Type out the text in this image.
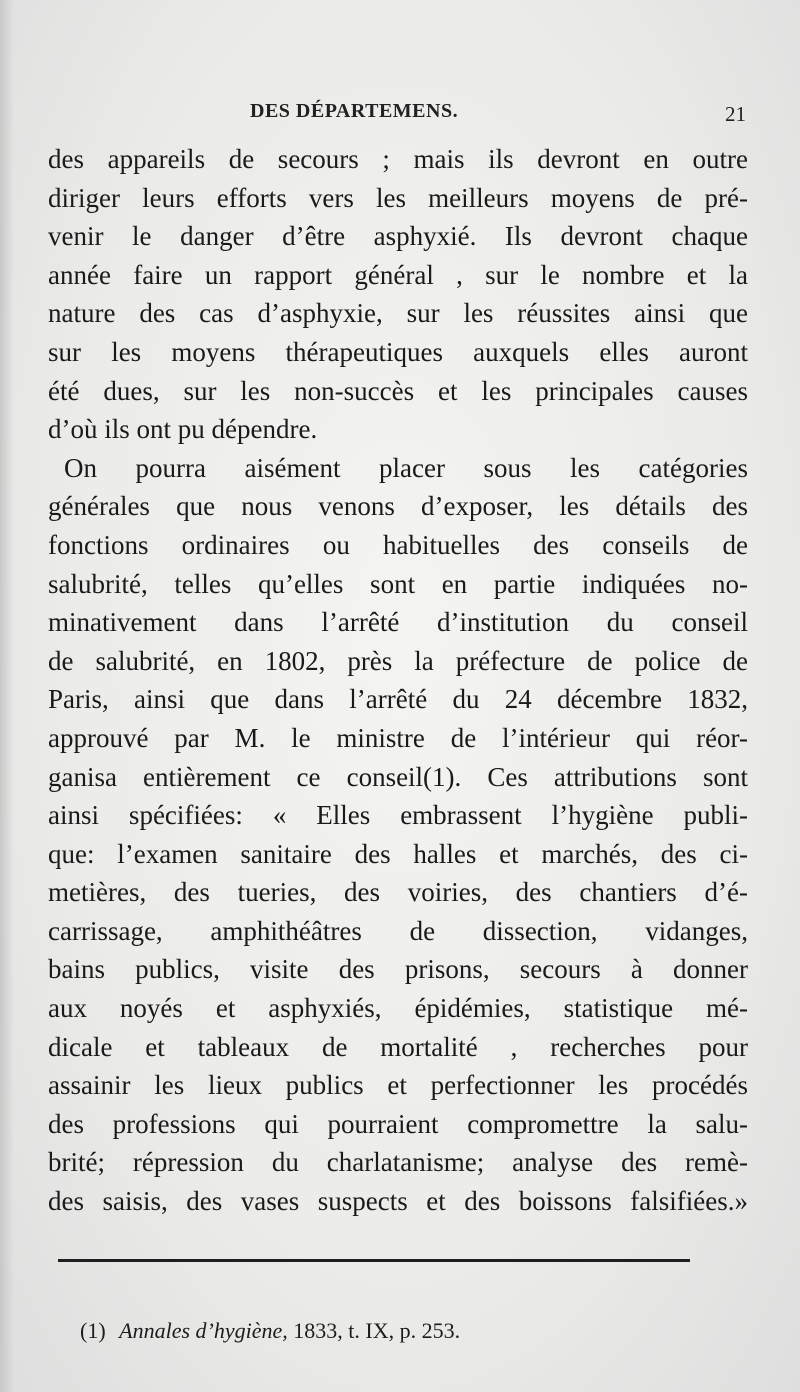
DES DÉPARTEMENS.	21
des appareils de secours ; mais ils devront en outre
diriger leurs efforts vers les meilleurs moyens de pré-
venir le danger d’être asphyxié. Ils devront chaque
année faire un rapport général , sur le nombre et la
nature des cas d’asphyxie, sur les réussites ainsi que
sur les moyens thérapeutiques auxquels elles auront
été dues, sur les non-succès et les principales causes
d’où ils ont pu dépendre.
On pourra aisément placer sous les catégories
générales que nous venons d’exposer, les détails des
fonctions ordinaires ou habituelles des conseils de
salubrité, telles qu’elles sont en partie indiquées no-
minativement dans l’arrêté d’institution du conseil
de salubrité, en 1802, près la préfecture de police de
Paris, ainsi que dans l’arrêté du 24 décembre 1832,
approuvé par M. le ministre de l’intérieur qui réor-
ganisa entièrement ce conseil(1). Ces attributions sont
ainsi spécifiées: « Elles embrassent l’hygiène publi-
que: l’examen sanitaire des halles et marchés, des ci-
metières, des tueries, des voiries, des chantiers d’é-
carrissage, amphithéâtres de dissection, vidanges,
bains publics, visite des prisons, secours à donner
aux noyés et asphyxiés, épidémies, statistique mé-
dicale et tableaux de mortalité , recherches pour
assainir les lieux publics et perfectionner les procédés
des professions qui pourraient compromettre la salu-
brité; répression du charlatanisme; analyse des remè-
des saisis, des vases suspects et des boissons falsifiées.»
(1) Annales d’hygiène, 1833, t. IX, p. 253.
